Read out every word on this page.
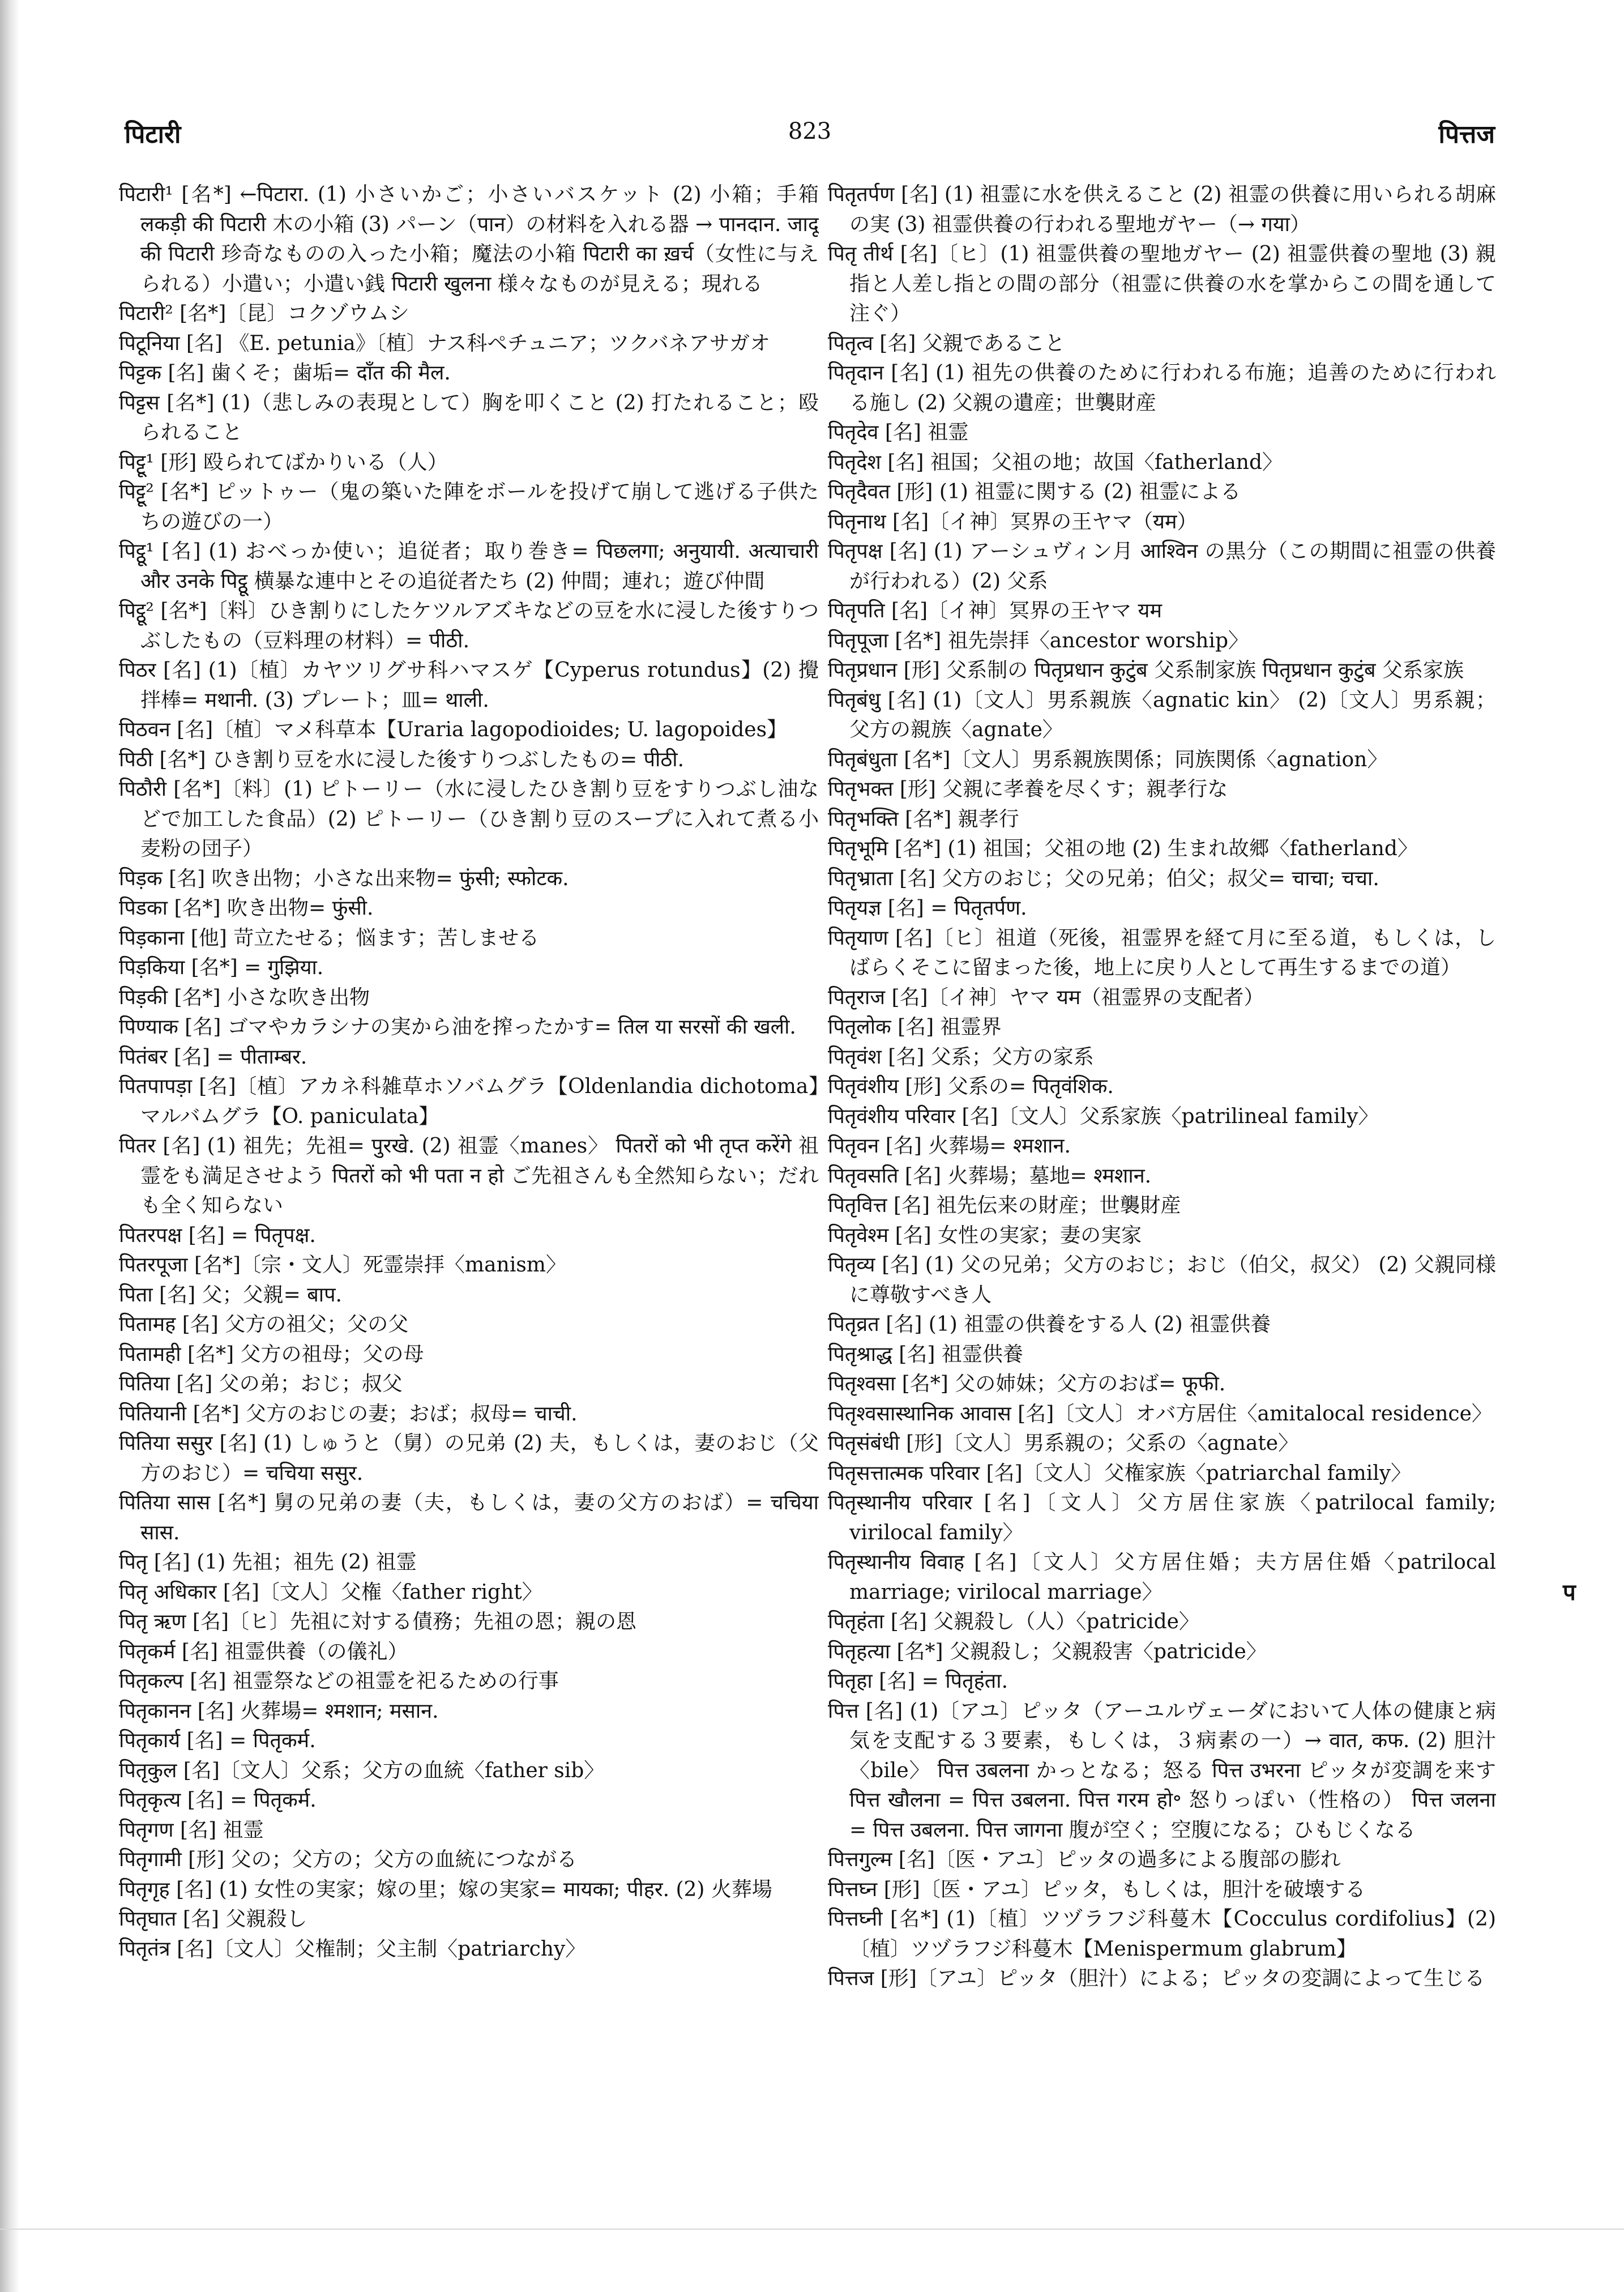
पिटारी	823	पित्तज

पिटारी¹ [名*] ←पिटारा. (1) 小さいかご；小さいバスケット (2) 小箱；手箱 लकड़ी की पिटारी 木の小箱 (3) パーン（पान）の材料を入れる器 → पानदान. जादू की पिटारी 珍奇なものの入った小箱；魔法の小箱 पिटारी का ख़र्च（女性に与えられる）小遣い；小遣い銭 पिटारी खुलना 様々なものが見える；現れる

पिटारी² [名*]〔昆〕コクゾウムシ

पिटूनिया [名] 《E. petunia》〔植〕ナス科ペチュニア；ツクバネアサガオ

पिट्टक [名] 歯くそ；歯垢= दाँत की मैल.

पिट्टस [名*] (1)（悲しみの表現として）胸を叩くこと (2) 打たれること；殴られること

पिट्टू¹ [形] 殴られてばかりいる（人）

पिट्टू² [名*] ピットゥー（鬼の築いた陣をボールを投げて崩して逃げる子供たちの遊びの一）

पिट्ठू¹ [名] (1) おべっか使い；追従者；取り巻き= पिछलगा; अनुयायी. अत्याचारी और उनके पिट्ठू 横暴な連中とその追従者たち (2) 仲間；連れ；遊び仲間

पिट्ठू² [名*]〔料〕ひき割りにしたケツルアズキなどの豆を水に浸した後すりつぶしたもの（豆料理の材料）= पीठी.

पिठर [名] (1)〔植〕カヤツリグサ科ハマスゲ【Cyperus rotundus】(2) 攪拌棒= मथानी. (3) プレート；皿= थाली.

पिठवन [名]〔植〕マメ科草本【Uraria lagopodioides; U. lagopoides】

पिठी [名*] ひき割り豆を水に浸した後すりつぶしたもの= पीठी.

पिठौरी [名*]〔料〕(1) ピトーリー（水に浸したひき割り豆をすりつぶし油などで加工した食品）(2) ピトーリー（ひき割り豆のスープに入れて煮る小麦粉の団子）

पिड़क [名] 吹き出物；小さな出来物= फुंसी; स्फोटक.

पिडका [名*] 吹き出物= फुंसी.

पिड़काना [他] 苛立たせる；悩ます；苦しませる

पिड़किया [名*] = गुझिया.

पिड़की [名*] 小さな吹き出物

पिण्याक [名] ゴマやカラシナの実から油を搾ったかす= तिल या सरसों की खली.

पितंबर [名] = पीताम्बर.

पितपापड़ा [名]〔植〕アカネ科雑草ホソバムグラ【Oldenlandia dichotoma】マルバムグラ【O. paniculata】

पितर [名] (1) 祖先；先祖= पुरखे. (2) 祖霊〈manes〉 पितरों को भी तृप्त करेंगे 祖霊をも満足させよう पितरों को भी पता न हो ご先祖さんも全然知らない；だれも全く知らない

पितरपक्ष [名] = पितृपक्ष.

पितरपूजा [名*]〔宗・文人〕死霊崇拝〈manism〉

पिता [名] 父；父親= बाप.

पितामह [名] 父方の祖父；父の父

पितामही [名*] 父方の祖母；父の母

पितिया [名] 父の弟；おじ；叔父

पितियानी [名*] 父方のおじの妻；おば；叔母= चाची.

पितिया ससुर [名] (1) しゅうと（舅）の兄弟 (2) 夫，もしくは，妻のおじ（父方のおじ）= चचिया ससुर.

पितिया सास [名*] 舅の兄弟の妻（夫，もしくは，妻の父方のおば）= चचिया सास.

पितृ [名] (1) 先祖；祖先 (2) 祖霊

पितृ अधिकार [名]〔文人〕父権〈father right〉

पितृ ऋण [名]〔ヒ〕先祖に対する債務；先祖の恩；親の恩

पितृकर्म [名] 祖霊供養（の儀礼）

पितृकल्प [名] 祖霊祭などの祖霊を祀るための行事

पितृकानन [名] 火葬場= श्मशान; मसान.

पितृकार्य [名] = पितृकर्म.

पितृकुल [名]〔文人〕父系；父方の血統〈father sib〉

पितृकृत्य [名] = पितृकर्म.

पितृगण [名] 祖霊

पितृगामी [形] 父の；父方の；父方の血統につながる

पितृगृह [名] (1) 女性の実家；嫁の里；嫁の実家= मायका; पीहर. (2) 火葬場

पितृघात [名] 父親殺し

पितृतंत्र [名]〔文人〕父権制；父主制〈patriarchy〉

पितृतर्पण [名] (1) 祖霊に水を供えること (2) 祖霊の供養に用いられる胡麻の実 (3) 祖霊供養の行われる聖地ガヤー（→ गया）

पितृ तीर्थ [名]〔ヒ〕(1) 祖霊供養の聖地ガヤー (2) 祖霊供養の聖地 (3) 親指と人差し指との間の部分（祖霊に供養の水を掌からこの間を通して注ぐ）

पितृत्व [名] 父親であること

पितृदान [名] (1) 祖先の供養のために行われる布施；追善のために行われる施し (2) 父親の遺産；世襲財産

पितृदेव [名] 祖霊

पितृदेश [名] 祖国；父祖の地；故国〈fatherland〉

पितृदैवत [形] (1) 祖霊に関する (2) 祖霊による

पितृनाथ [名]〔イ神〕冥界の王ヤマ（यम）

पितृपक्ष [名] (1) アーシュヴィン月 आश्विन の黒分（この期間に祖霊の供養が行われる）(2) 父系

पितृपति [名]〔イ神〕冥界の王ヤマ यम

पितृपूजा [名*] 祖先崇拝〈ancestor worship〉

पितृप्रधान [形] 父系制の पितृप्रधान कुटुंब 父系制家族 पितृप्रधान कुटुंब 父系家族

पितृबंधु [名] (1)〔文人〕男系親族〈agnatic kin〉 (2)〔文人〕男系親；父方の親族〈agnate〉

पितृबंधुता [名*]〔文人〕男系親族関係；同族関係〈agnation〉

पितृभक्त [形] 父親に孝養を尽くす；親孝行な

पितृभक्ति [名*] 親孝行

पितृभूमि [名*] (1) 祖国；父祖の地 (2) 生まれ故郷〈fatherland〉

पितृभ्राता [名] 父方のおじ；父の兄弟；伯父；叔父= चाचा; चचा.

पितृयज्ञ [名] = पितृतर्पण.

पितृयाण [名]〔ヒ〕祖道（死後，祖霊界を経て月に至る道，もしくは，しばらくそこに留まった後，地上に戻り人として再生するまでの道）

पितृराज [名]〔イ神〕ヤマ यम（祖霊界の支配者）

पितृलोक [名] 祖霊界

पितृवंश [名] 父系；父方の家系

पितृवंशीय [形] 父系の= पितृवंशिक.

पितृवंशीय परिवार [名]〔文人〕父系家族〈patrilineal family〉

पितृवन [名] 火葬場= श्मशान.

पितृवसति [名] 火葬場；墓地= श्मशान.

पितृवित्त [名] 祖先伝来の財産；世襲財産

पितृवेश्म [名] 女性の実家；妻の実家

पितृव्य [名] (1) 父の兄弟；父方のおじ；おじ（伯父，叔父） (2) 父親同様に尊敬すべき人

पितृव्रत [名] (1) 祖霊の供養をする人 (2) 祖霊供養

पितृश्राद्ध [名] 祖霊供養

पितृश्वसा [名*] 父の姉妹；父方のおば= फूफी.

पितृश्वसास्थानिक आवास [名]〔文人〕オバ方居住〈amitalocal residence〉

पितृसंबंधी [形]〔文人〕男系親の；父系の〈agnate〉

पितृसत्तात्मक परिवार [名]〔文人〕父権家族〈patriarchal family〉

पितृस्थानीय परिवार [名]〔文人〕父方居住家族〈patrilocal family; virilocal family〉

पितृस्थानीय विवाह [名]〔文人〕父方居住婚；夫方居住婚〈patrilocal marriage; virilocal marriage〉

पितृहंता [名] 父親殺し（人）〈patricide〉

पितृहत्या [名*] 父親殺し；父親殺害〈patricide〉

पितृहा [名] = पितृहंता.

पित्त [名] (1)〔アユ〕ピッタ（アーユルヴェーダにおいて人体の健康と病気を支配する３要素，もしくは，３病素の一）→ वात, कफ. (2) 胆汁〈bile〉 पित्त उबलना かっとなる；怒る पित्त उभरना ピッタが変調を来す पित्त खौलना = पित्त उबलना. पित्त गरम हो॰ 怒りっぽい（性格の） पित्त जलना = पित्त उबलना. पित्त जागना 腹が空く；空腹になる；ひもじくなる

पित्तगुल्म [名]〔医・アユ〕ピッタの過多による腹部の膨れ

पित्तघ्न [形]〔医・アユ〕ピッタ，もしくは，胆汁を破壊する

पित्तघ्नी [名*] (1)〔植〕ツヅラフジ科蔓木【Cocculus cordifolius】(2)〔植〕ツヅラフジ科蔓木【Menispermum glabrum】

पित्तज [形]〔アユ〕ピッタ（胆汁）による；ピッタの変調によって生じる

प
